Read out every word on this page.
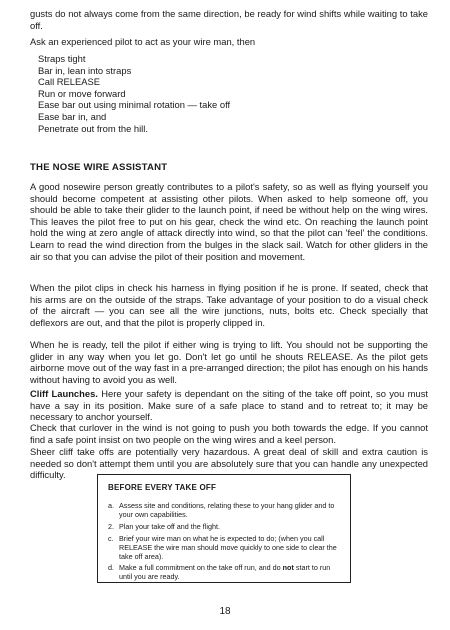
gusts do not always come from the same direction, be ready for wind shifts while waiting to take off.

Ask an experienced pilot to act as your wire man, then

Straps tight
Bar in, lean into straps
Call RELEASE
Run or move forward
Ease bar out using minimal rotation — take off
Ease bar in, and
Penetrate out from the hill.
THE NOSE WIRE ASSISTANT

A good nosewire person greatly contributes to a pilot's safety, so as well as flying yourself you should become competent at assisting other pilots. When asked to help someone off, you should be able to take their glider to the launch point, if need be without help on the wing wires. This leaves the pilot free to put on his gear, check the wind etc. On reaching the launch point hold the wing at zero angle of attack directly into wind, so that the pilot can 'feel' the conditions. Learn to read the wind direction from the bulges in the slack sail. Watch for other gliders in the air so that you can advise the pilot of their position and movement.

When the pilot clips in check his harness in flying position if he is prone. If seated, check that his arms are on the outside of the straps. Take advantage of your position to do a visual check of the aircraft — you can see all the wire junctions, nuts, bolts etc. Check specially that deflexors are out, and that the pilot is properly clipped in.

When he is ready, tell the pilot if either wing is trying to lift. You should not be supporting the glider in any way when you let go. Don't let go until he shouts RELEASE. As the pilot gets airborne move out of the way fast in a pre-arranged direction; the pilot has enough on his hands without having to avoid you as well.

Cliff Launches. Here your safety is dependant on the siting of the take off point, so you must have a say in its position. Make sure of a safe place to stand and to retreat to; it may be necessary to anchor yourself.

Check that curlover in the wind is not going to push you both towards the edge. If you cannot find a safe point insist on two people on the wing wires and a keel person.

Sheer cliff take offs are potentially very hazardous. A great deal of skill and extra caution is needed so don't attempt them until you are absolutely sure that you can handle any unexpected difficulty.

BEFORE EVERY TAKE OFF
a. Assess site and conditions, relating these to your hang glider and to your own capabilities.
2. Plan your take off and the flight.
c. Brief your wire man on what he is expected to do; (when you call RELEASE the wire man should move quickly to one side to clear the take off area).
d. Make a full commitment on the take off run, and do not start to run until you are ready.
18
